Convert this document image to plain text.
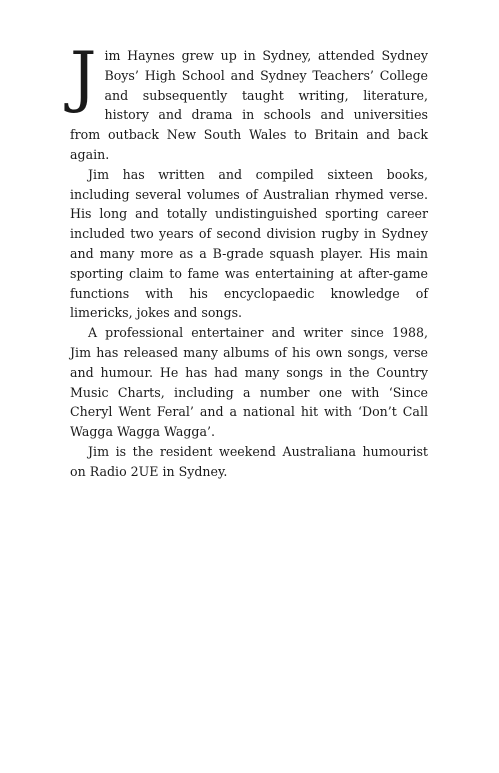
Jim Haynes grew up in Sydney, attended Sydney Boys’ High School and Sydney Teachers’ College and subsequently taught writing, literature, history and drama in schools and universities from outback New South Wales to Britain and back again.

Jim has written and compiled sixteen books, including several volumes of Australian rhymed verse. His long and totally undistinguished sporting career included two years of second division rugby in Sydney and many more as a B-grade squash player. His main sporting claim to fame was entertaining at after-game functions with his encyclopaedic knowledge of limericks, jokes and songs.

A professional entertainer and writer since 1988, Jim has released many albums of his own songs, verse and humour. He has had many songs in the Country Music Charts, including a number one with ‘Since Cheryl Went Feral’ and a national hit with ‘Don’t Call Wagga Wagga Wagga’.

Jim is the resident weekend Australiana humourist on Radio 2UE in Sydney.
